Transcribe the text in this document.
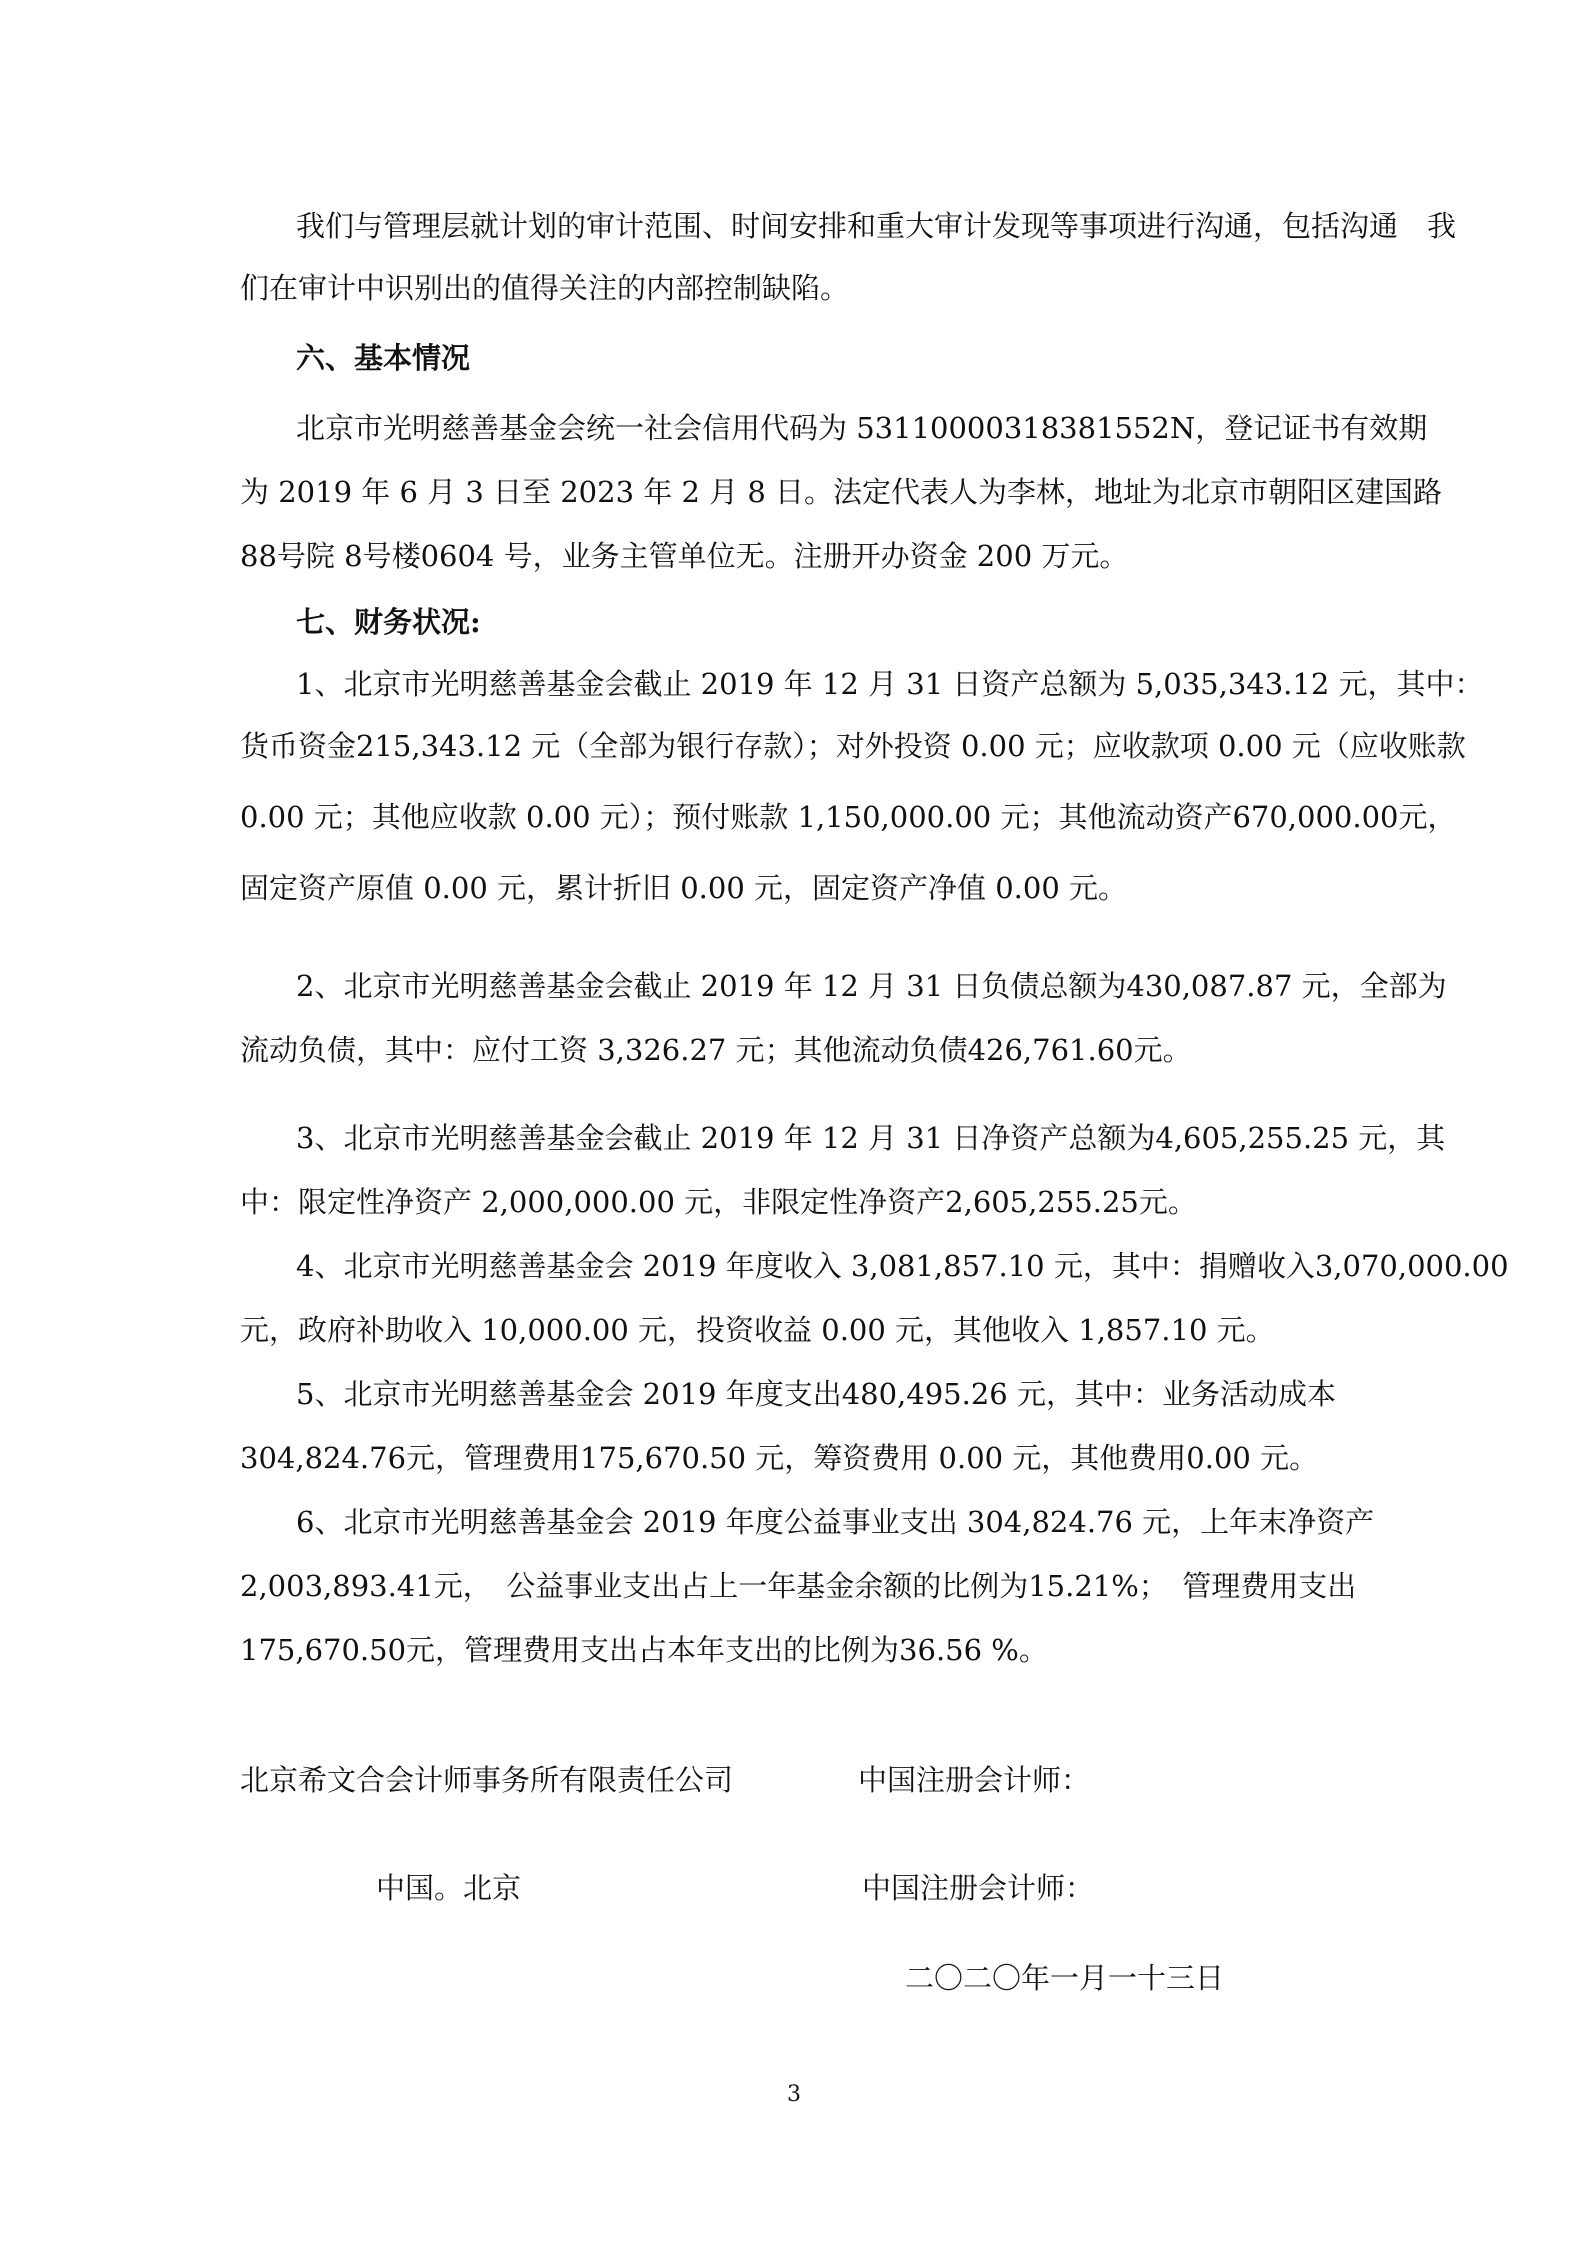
我们与管理层就计划的审计范围、时间安排和重大审计发现等事项进行沟通，包括沟通　我
们在审计中识别出的值得关注的内部控制缺陷。
六、基本情况
北京市光明慈善基金会统一社会信用代码为 53110000318381552N，登记证书有效期
为 2019 年 6 月 3 日至 2023 年 2 月 8 日。法定代表人为李林，地址为北京市朝阳区建国路
88号院 8号楼0604 号，业务主管单位无。注册开办资金 200 万元。
七、财务状况:
1、北京市光明慈善基金会截止 2019 年 12 月 31 日资产总额为 5,035,343.12 元，其中：
货币资金215,343.12 元（全部为银行存款）；对外投资 0.00 元；应收款项 0.00 元（应收账款
0.00 元；其他应收款 0.00 元）；预付账款 1,150,000.00 元；其他流动资产670,000.00元，
固定资产原值 0.00 元，累计折旧 0.00 元，固定资产净值 0.00 元。
2、北京市光明慈善基金会截止 2019 年 12 月 31 日负债总额为430,087.87 元，全部为
流动负债，其中：应付工资 3,326.27 元；其他流动负债426,761.60元。
3、北京市光明慈善基金会截止 2019 年 12 月 31 日净资产总额为4,605,255.25 元，其
中：限定性净资产 2,000,000.00 元，非限定性净资产2,605,255.25元。
4、北京市光明慈善基金会 2019 年度收入 3,081,857.10 元，其中：捐赠收入3,070,000.00
元，政府补助收入 10,000.00 元，投资收益 0.00 元，其他收入 1,857.10 元。
5、北京市光明慈善基金会 2019 年度支出480,495.26 元，其中：业务活动成本
304,824.76元，管理费用175,670.50 元，筹资费用 0.00 元，其他费用0.00 元。
6、北京市光明慈善基金会 2019 年度公益事业支出 304,824.76 元，上年末净资产
2,003,893.41元，　公益事业支出占上一年基金余额的比例为15.21%；　管理费用支出
175,670.50元，管理费用支出占本年支出的比例为36.56 %。
北京希文合会计师事务所有限责任公司	中国注册会计师：
中国。北京	中国注册会计师：
二〇二〇年一月一十三日
3
